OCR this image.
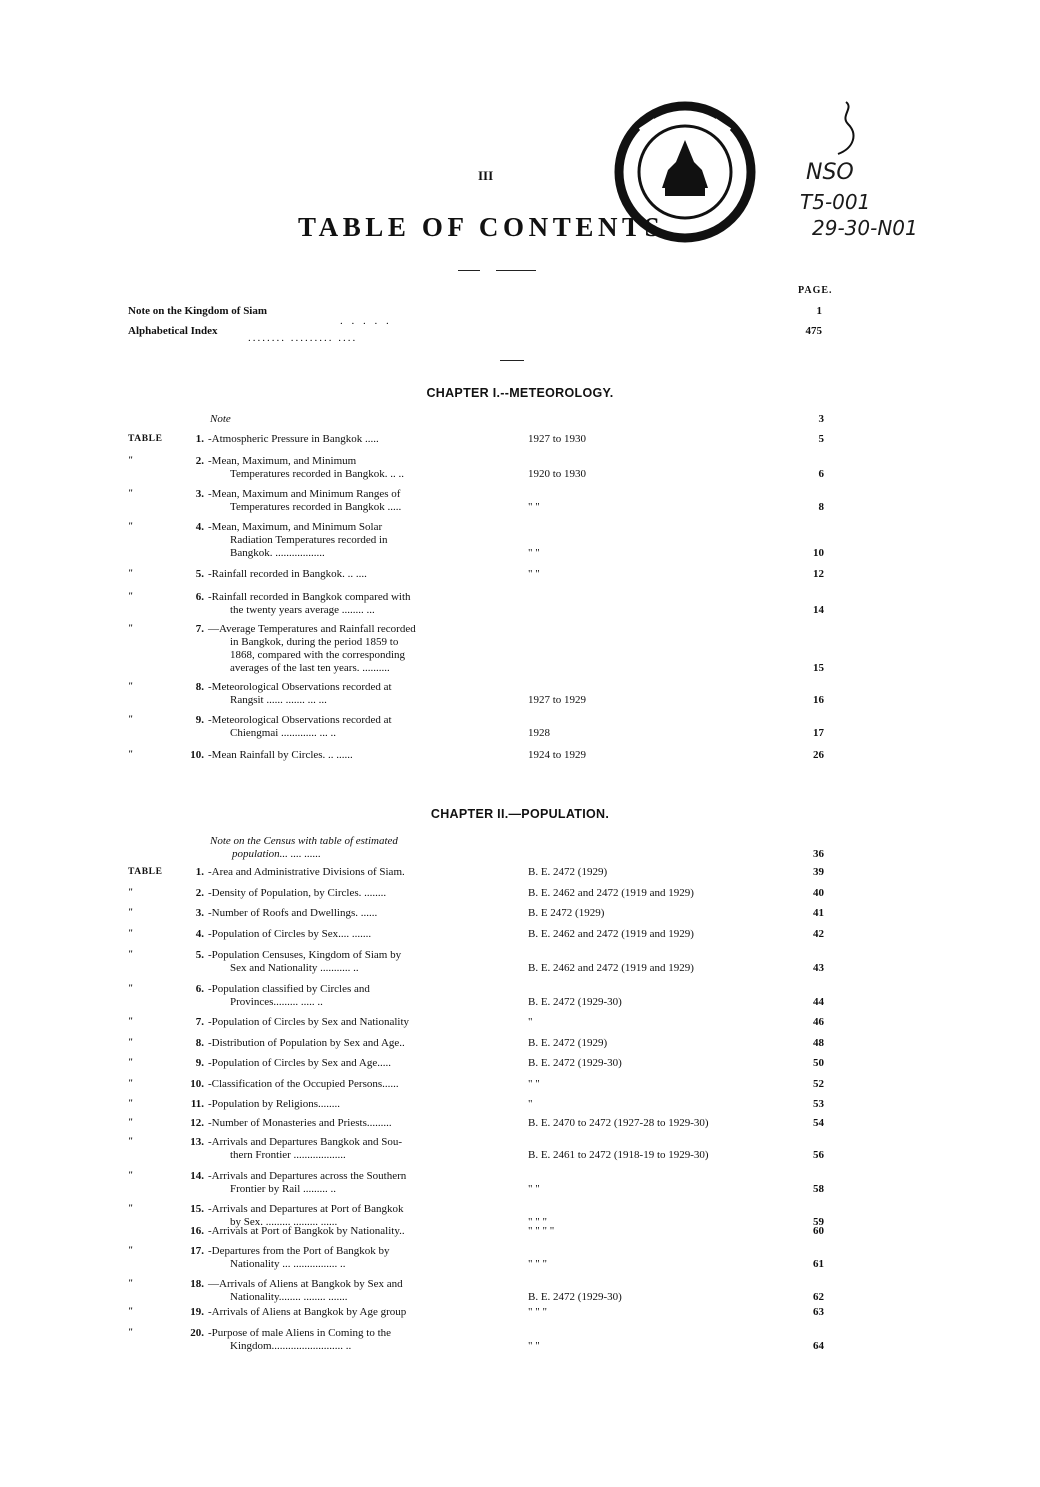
III
TABLE OF CONTENTS
NSO
T5-001
29-30-N01
PAGE.
Note on the Kingdom of Siam	1
Alphabetical Index	475
. . . . .
........ ......... ....
CHAPTER I.--METEOROLOGY.
Note	3
TABLE	1. -Atmospheric Pressure in Bangkok .....	1927 to 1930	5
"	2. -Mean, Maximum, and Minimum
Temperatures recorded in Bangkok. .. ..	1920 to 1930	6
"	3. -Mean, Maximum and Minimum Ranges of
Temperatures recorded in Bangkok .....	" "	8
"	4. -Mean, Maximum, and Minimum Solar
Radiation Temperatures recorded in
Bangkok. ..................	" "	10
"	5. -Rainfall recorded in Bangkok. .. ....	" "	12
"	6. -Rainfall recorded in Bangkok compared with
the twenty years average ........ ...	14
"	7. —Average Temperatures and Rainfall recorded
in Bangkok, during the period 1859 to
1868, compared with the corresponding
averages of the last ten years. ..........	15
"	8. -Meteorological Observations recorded at
Rangsit ...... ....... ... ...	1927 to 1929	16
"	9. -Meteorological Observations recorded at
Chiengmai ............. ... ..	1928	17
"	10. -Mean Rainfall by Circles. .. ......	1924 to 1929	26
CHAPTER II.—POPULATION.
Note on the Census with table of estimated
population... .... ......	36
TABLE	1. -Area and Administrative Divisions of Siam.	B. E. 2472 (1929)	39
"	2. -Density of Population, by Circles. ........	B. E. 2462 and 2472 (1919 and 1929)	40
"	3. -Number of Roofs and Dwellings. ......	B. E 2472 (1929)	41
"	4. -Population of Circles by Sex.... .......	B. E. 2462 and 2472 (1919 and 1929)	42
"	5. -Population Censuses, Kingdom of Siam by
Sex and Nationality ........... ..	B. E. 2462 and 2472 (1919 and 1929)	43
"	6. -Population classified by Circles and
Provinces......... ..... ..	B. E. 2472 (1929-30)	44
"	7. -Population of Circles by Sex and Nationality	"	46
"	8. -Distribution of Population by Sex and Age..	B. E. 2472 (1929)	48
"	9. -Population of Circles by Sex and Age.....	B. E. 2472 (1929-30)	50
"	10. -Classification of the Occupied Persons......	" "	52
"	11. -Population by Religions........	"	53
"	12. -Number of Monasteries and Priests.........	B. E. 2470 to 2472 (1927-28 to 1929-30)	54
"	13. -Arrivals and Departures Bangkok and Sou-
thern Frontier ...................	B. E. 2461 to 2472 (1918-19 to 1929-30)	56
"	14. -Arrivals and Departures across the Southern
Frontier by Rail ......... ..	" "	58
"	15. -Arrivals and Departures at Port of Bangkok
by Sex. ......... ......... ......	" " "	59
16. -Arrivals at Port of Bangkok by Nationality..	" " " "	60
"	17. -Departures from the Port of Bangkok by
Nationality ... ................ ..	" " "	61
"	18. —Arrivals of Aliens at Bangkok by Sex and
Nationality........ ........ .......	B. E. 2472 (1929-30)	62
"	19. -Arrivals of Aliens at Bangkok by Age group	" " "	63
"	20. -Purpose of male Aliens in Coming to the
Kingdom.......................... ..	" "	64
